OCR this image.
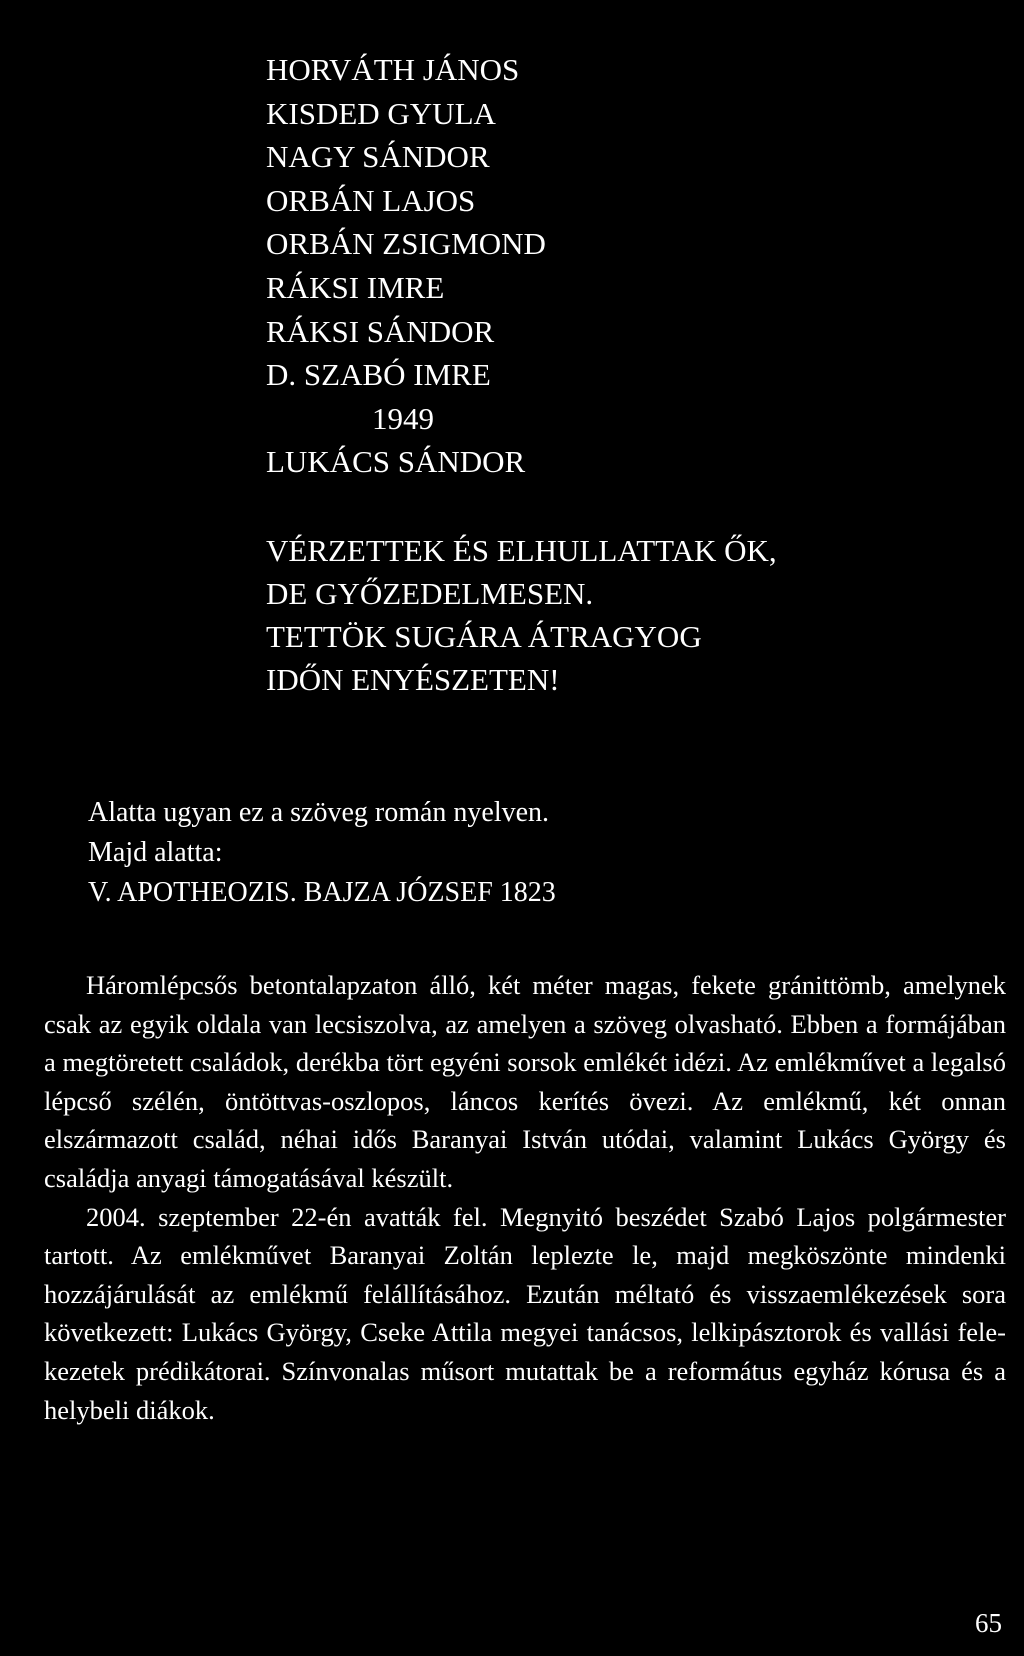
HORVÁTH JÁNOS
KISDED GYULA
NAGY SÁNDOR
ORBÁN LAJOS
ORBÁN ZSIGMOND
RÁKSI IMRE
RÁKSI SÁNDOR
D. SZABÓ IMRE
1949
LUKÁCS SÁNDOR
VÉRZETTEK ÉS ELHULLATTAK ŐK,
DE GYŐZEDELMESEN.
TETTÖK SUGÁRA ÁTRAGYOG
IDŐN ENYÉSZETEN!
Alatta ugyan ez a szöveg román nyelven.
Majd alatta:
V. APOTHEOZIS. BAJZA JÓZSEF 1823

Háromlépcsős betontalapzaton álló, két méter magas, fekete gránittömb, amelynek csak az egyik oldala van lecsiszolva, az amelyen a szöveg olvasható. Ebben a formájában a megtöretett családok, derékba tört egyéni sorsok emlékét idézi. Az emlékművet a legalsó lépcső szélén, öntöttvas-oszlopos, láncos kerítés övezi. Az emlékmű, két onnan elszármazott család, néhai idős Baranyai István utódai, valamint Lukács György és családja anyagi támogatásával készült.

2004. szeptember 22-én avatták fel. Megnyitó beszédet Szabó Lajos polgármester tartott. Az emlékművet Baranyai Zoltán leplezte le, majd megköszönte mindenki hozzájárulását az emlékmű felállításához. Ezután méltató és visszaemlékezések sora következett: Lukács György, Cseke Attila megyei tanácsos, lelkipásztorok és vallási felekezetek prédikátorai. Színvonalas műsort mutattak be a református egyház kórusa és a helybeli diákok.

65
